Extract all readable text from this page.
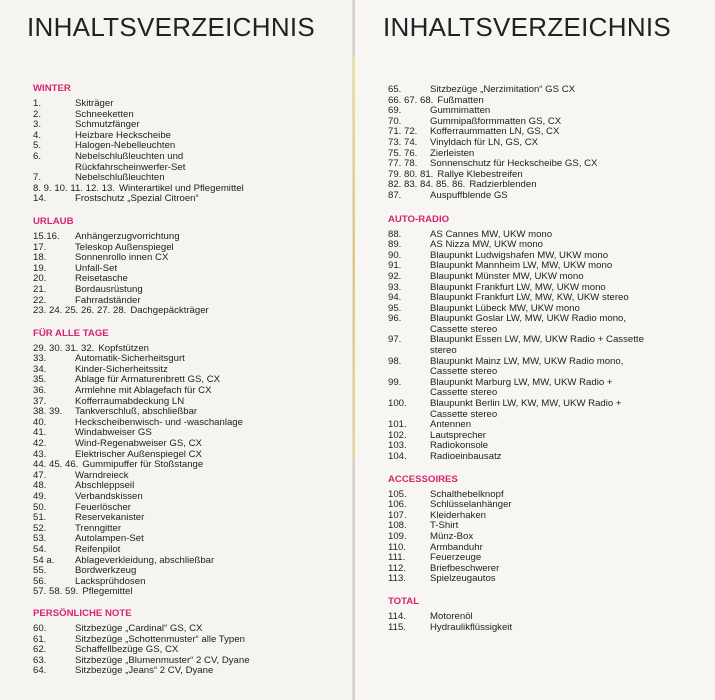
INHALTSVERZEICHNIS
WINTER
1.	Skiträger
2.	Schneeketten
3.	Schmutzfänger
4.	Heizbare Heckscheibe
5.	Halogen-Nebelleuchten
6.	Nebelschlußleuchten und
Rückfahrscheinwerfer-Set
7.	Nebelschlußleuchten
8. 9. 10. 11. 12. 13. Winterartikel und Pflegemittel
14.	Frostschutz „Spezial Citroen“
URLAUB
15.16.	Anhängerzugvorrichtung
17.	Teleskop Außenspiegel
18.	Sonnenrollo innen CX
19.	Unfall-Set
20.	Reisetasche
21.	Bordausrüstung
22.	Fahrradständer
23. 24. 25. 26. 27. 28. Dachgepäckträger
FÜR ALLE TAGE
29. 30. 31. 32. Kopfstützen
33.	Automatik-Sicherheitsgurt
34.	Kinder-Sicherheitssitz
35.	Ablage für Armaturenbrett GS, CX
36.	Armlehne mit Ablagefach für CX
37.	Kofferraumabdeckung LN
38. 39.	Tankverschluß, abschließbar
40.	Heckscheibenwisch- und -waschanlage
41.	Windabweiser GS
42.	Wind-Regenabweiser GS, CX
43.	Elektrischer Außenspiegel CX
44. 45. 46. Gummipuffer für Stoßstange
47.	Warndreieck
48.	Abschleppseil
49.	Verbandskissen
50.	Feuerlöscher
51.	Reservekanister
52.	Trenngitter
53.	Autolampen-Set
54.	Reifenpilot
54 a.	Ablageverkleidung, abschließbar
55.	Bordwerkzeug
56.	Lacksprühdosen
57. 58. 59. Pflegemittel
PERSÖNLICHE NOTE
60.	Sitzbezüge „Cardinal“ GS, CX
61.	Sitzbezüge „Schottenmuster“ alle Typen
62.	Schaffellbezüge GS, CX
63.	Sitzbezüge „Blumenmuster“ 2 CV, Dyane
64.	Sitzbezüge „Jeans“ 2 CV, Dyane
INHALTSVERZEICHNIS
65.	Sitzbezüge „Nerzimitation“ GS CX
66. 67. 68. Fußmatten
69.	Gummimatten
70.	Gummipaßformmatten GS, CX
71. 72.	Kofferraummatten LN, GS, CX
73. 74.	Vinyldach für LN, GS, CX
75. 76.	Zierleisten
77. 78.	Sonnenschutz für Heckscheibe GS, CX
79. 80. 81. Rallye Klebestreifen
82. 83. 84. 85. 86. Radzierblenden
87.	Auspuffblende GS
AUTO-RADIO
88.	AS Cannes MW, UKW mono
89.	AS Nizza MW, UKW mono
90.	Blaupunkt Ludwigshafen MW, UKW mono
91.	Blaupunkt Mannheim LW, MW, UKW mono
92.	Blaupunkt Münster MW, UKW mono
93.	Blaupunkt Frankfurt LW, MW, UKW mono
94.	Blaupunkt Frankfurt LW, MW, KW, UKW stereo
95.	Blaupunkt Lübeck MW, UKW mono
96.	Blaupunkt Goslar LW, MW, UKW Radio mono,
Cassette stereo
97.	Blaupunkt Essen LW, MW, UKW Radio + Cassette
stereo
98.	Blaupunkt Mainz LW, MW, UKW Radio mono,
Cassette stereo
99.	Blaupunkt Marburg LW, MW, UKW Radio +
Cassette stereo
100.	Blaupunkt Berlin LW, KW, MW, UKW Radio +
Cassette stereo
101.	Antennen
102.	Lautsprecher
103.	Radiokonsole
104.	Radioeinbausatz
ACCESSOIRES
105.	Schalthebelknopf
106.	Schlüsselanhänger
107.	Kleiderhaken
108.	T-Shirt
109.	Münz-Box
110.	Armbanduhr
111.	Feuerzeuge
112.	Briefbeschwerer
113.	Spielzeugautos
TOTAL
114.	Motorenöl
115.	Hydraulikflüssigkeit
